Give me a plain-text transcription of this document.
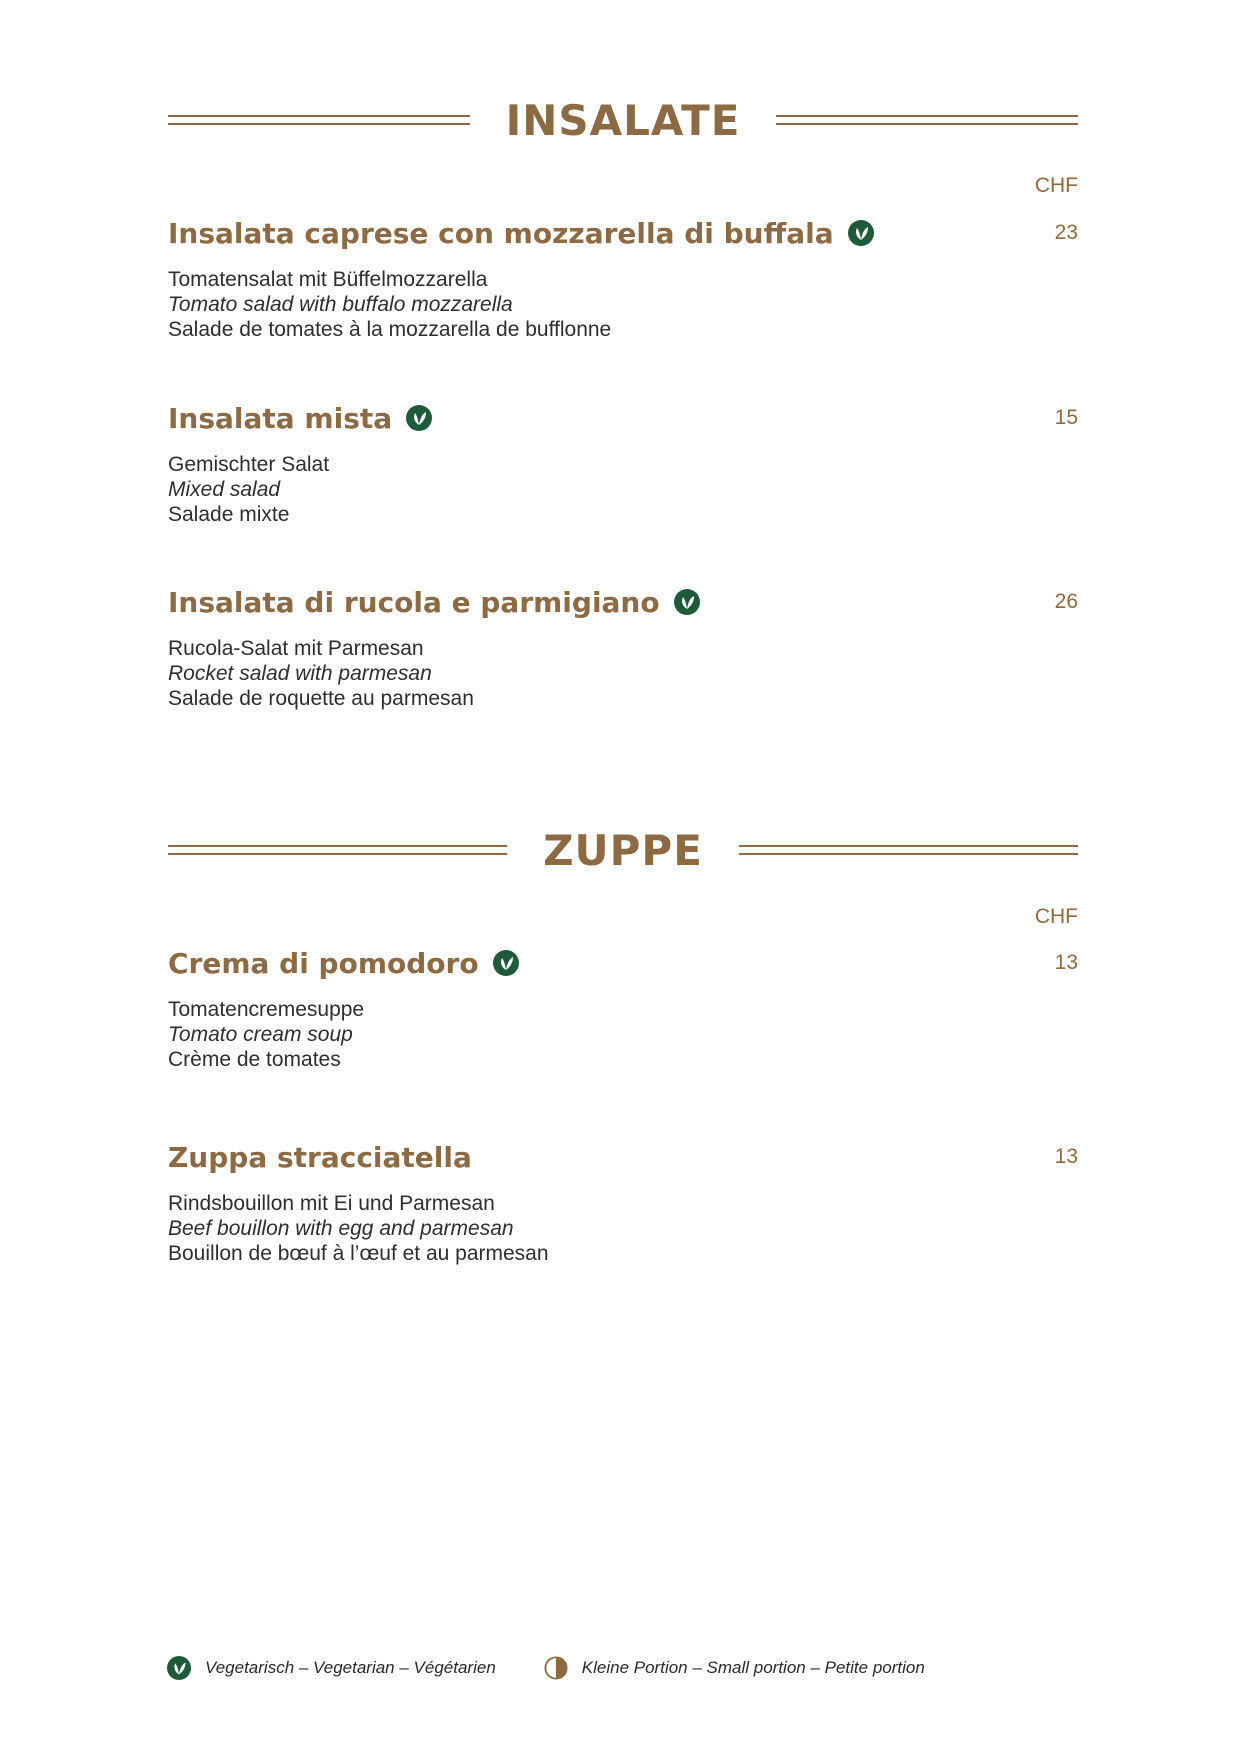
INSALATE
CHF
Insalata caprese con mozzarella di buffala	23
Tomatensalat mit Büffelmozzarella
Tomato salad with buffalo mozzarella
Salade de tomates à la mozzarella de bufflonne
Insalata mista	15
Gemischter Salat
Mixed salad
Salade mixte
Insalata di rucola e parmigiano	26
Rucola-Salat mit Parmesan
Rocket salad with parmesan
Salade de roquette au parmesan
ZUPPE
CHF
Crema di pomodoro	13
Tomatencremesuppe
Tomato cream soup
Crème de tomates
Zuppa stracciatella	13
Rindsbouillon mit Ei und Parmesan
Beef bouillon with egg and parmesan
Bouillon de bœuf à l’œuf et au parmesan
Vegetarisch – Vegetarian – Végétarien	Kleine Portion – Small portion – Petite portion
